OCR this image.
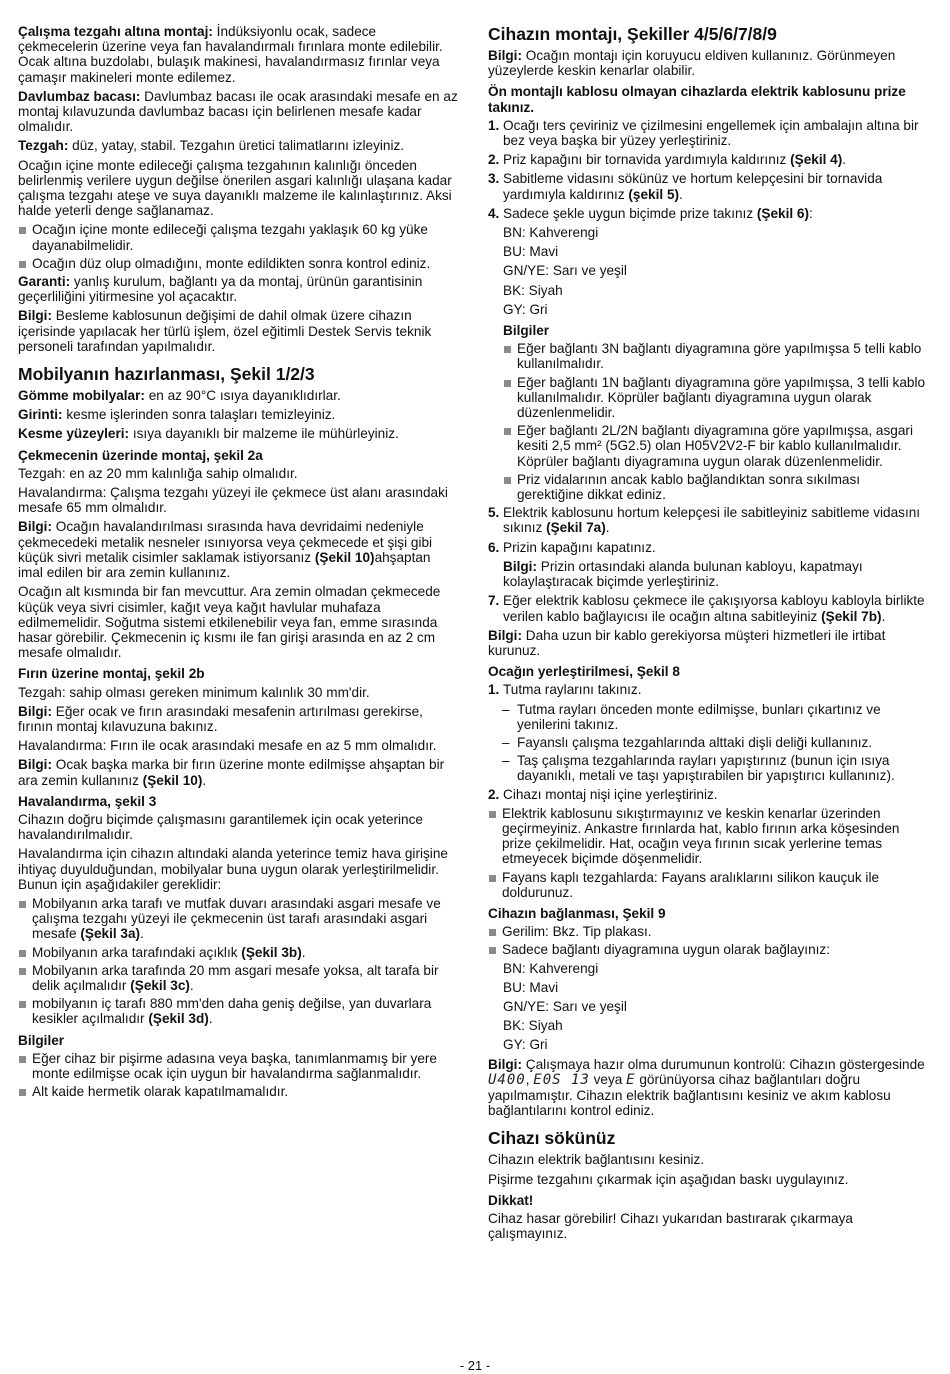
Çalışma tezgahı altına montaj: İndüksiyonlu ocak, sadece çekmecelerin üzerine veya fan havalandırmalı fırınlara monte edilebilir. Ocak altına buzdolabı, bulaşık makinesi, havalandırmasız fırınlar veya çamaşır makineleri monte edilemez.

Davlumbaz bacası: Davlumbaz bacası ile ocak arasındaki mesafe en az montaj kılavuzunda davlumbaz bacası için belirlenen mesafe kadar olmalıdır.

Tezgah: düz, yatay, stabil. Tezgahın üretici talimatlarını izleyiniz.

Ocağın içine monte edileceği çalışma tezgahının kalınlığı önceden belirlenmiş verilere uygun değilse önerilen asgari kalınlığı ulaşana kadar çalışma tezgahı ateşe ve suya dayanıklı malzeme ile kalınlaştırınız. Aksi halde yeterli denge sağlanamaz.

Ocağın içine monte edileceği çalışma tezgahı yaklaşık 60 kg yüke dayanabilmelidir.
Ocağın düz olup olmadığını, monte edildikten sonra kontrol ediniz.

Garanti: yanlış kurulum, bağlantı ya da montaj, ürünün garantisinin geçerliliğini yitirmesine yol açacaktır.

Bilgi: Besleme kablosunun değişimi de dahil olmak üzere cihazın içerisinde yapılacak her türlü işlem, özel eğitimli Destek Servis teknik personeli tarafından yapılmalıdır.

Mobilyanın hazırlanması, Şekil 1/2/3

Gömme mobilyalar: en az 90°C ısıya dayanıklıdırlar.

Girinti: kesme işlerinden sonra talaşları temizleyiniz.

Kesme yüzeyleri: ısıya dayanıklı bir malzeme ile mühürleyiniz.

Çekmecenin üzerinde montaj, şekil 2a

Tezgah: en az 20 mm kalınlığa sahip olmalıdır.

Havalandırma: Çalışma tezgahı yüzeyi ile çekmece üst alanı arasındaki mesafe 65 mm olmalıdır.

Bilgi: Ocağın havalandırılması sırasında hava devridaimi nedeniyle çekmecedeki metalik nesneler ısınıyorsa veya çekmecede et şişi gibi küçük sivri metalik cisimler saklamak istiyorsanız (Şekil 10)ahşaptan imal edilen bir ara zemin kullanınız.

Ocağın alt kısmında bir fan mevcuttur. Ara zemin olmadan çekmecede küçük veya sivri cisimler, kağıt veya kağıt havlular muhafaza edilmemelidir. Soğutma sistemi etkilenebilir veya fan, emme sırasında hasar görebilir. Çekmecenin iç kısmı ile fan girişi arasında en az 2 cm mesafe olmalıdır.

Fırın üzerine montaj, şekil 2b

Tezgah: sahip olması gereken minimum kalınlık 30 mm'dir.

Bilgi: Eğer ocak ve fırın arasındaki mesafenin artırılması gerekirse, fırının montaj kılavuzuna bakınız.

Havalandırma: Fırın ile ocak arasındaki mesafe en az 5 mm olmalıdır.

Bilgi: Ocak başka marka bir fırın üzerine monte edilmişse ahşaptan bir ara zemin kullanınız (Şekil 10).

Havalandırma, şekil 3

Cihazın doğru biçimde çalışmasını garantilemek için ocak yeterince havalandırılmalıdır.

Havalandırma için cihazın altındaki alanda yeterince temiz hava girişine ihtiyaç duyulduğundan, mobilyalar buna uygun olarak yerleştirilmelidir. Bunun için aşağıdakiler gereklidir:

Mobilyanın arka tarafı ve mutfak duvarı arasındaki asgari mesafe ve çalışma tezgahı yüzeyi ile çekmecenin üst tarafı arasındaki asgari mesafe (Şekil 3a).
Mobilyanın arka tarafındaki açıklık (Şekil 3b).
Mobilyanın arka tarafında 20 mm asgari mesafe yoksa, alt tarafa bir delik açılmalıdır (Şekil 3c).
mobilyanın iç tarafı 880 mm'den daha geniş değilse, yan duvarlara kesikler açılmalıdır (Şekil 3d).
Bilgiler
Eğer cihaz bir pişirme adasına veya başka, tanımlanmamış bir yere monte edilmişse ocak için uygun bir havalandırma sağlanmalıdır.
Alt kaide hermetik olarak kapatılmamalıdır.
Cihazın montajı, Şekiller 4/5/6/7/8/9

Bilgi: Ocağın montajı için koruyucu eldiven kullanınız. Görünmeyen yüzeylerde keskin kenarlar olabilir.

Ön montajlı kablosu olmayan cihazlarda elektrik kablosunu prize takınız.
1. Ocağı ters çeviriniz ve çizilmesini engellemek için ambalajın altına bir bez veya başka bir yüzey yerleştiriniz.
2. Priz kapağını bir tornavida yardımıyla kaldırınız (Şekil 4).
3. Sabitleme vidasını sökünüz ve hortum kelepçesini bir tornavida yardımıyla kaldırınız (şekil 5).
4. Sadece şekle uygun biçimde prize takınız (Şekil 6):

BN: Kahverengi

BU: Mavi

GN/YE: Sarı ve yeşil

BK: Siyah

GY: Gri

Bilgiler
Eğer bağlantı 3N bağlantı diyagramına göre yapılmışsa 5 telli kablo kullanılmalıdır.
Eğer bağlantı 1N bağlantı diyagramına göre yapılmışsa, 3 telli kablo kullanılmalıdır. Köprüler bağlantı diyagramına uygun olarak düzenlenmelidir.
Eğer bağlantı 2L/2N bağlantı diyagramına göre yapılmışsa, asgari kesiti 2,5 mm² (5G2.5) olan H05V2V2-F bir kablo kullanılmalıdır. Köprüler bağlantı diyagramına uygun olarak düzenlenmelidir.
Priz vidalarının ancak kablo bağlandıktan sonra sıkılması gerektiğine dikkat ediniz.
5. Elektrik kablosunu hortum kelepçesi ile sabitleyiniz sabitleme vidasını sıkınız (Şekil 7a).
6. Prizin kapağını kapatınız.

Bilgi: Prizin ortasındaki alanda bulunan kabloyu, kapatmayı kolaylaştıracak biçimde yerleştiriniz.

7. Eğer elektrik kablosu çekmece ile çakışıyorsa kabloyu kabloyla birlikte verilen kablo bağlayıcısı ile ocağın altına sabitleyiniz (Şekil 7b).

Bilgi: Daha uzun bir kablo gerekiyorsa müşteri hizmetleri ile irtibat kurunuz.

Ocağın yerleştirilmesi, Şekil 8
1. Tutma raylarını takınız.
– Tutma rayları önceden monte edilmişse, bunları çıkartınız ve yenilerini takınız.
– Fayanslı çalışma tezgahlarında alttaki dişli deliği kullanınız.
– Taş çalışma tezgahlarında rayları yapıştırınız (bunun için ısıya dayanıklı, metali ve taşı yapıştırabilen bir yapıştırıcı kullanınız).
2. Cihazı montaj nişi içine yerleştiriniz.
Elektrik kablosunu sıkıştırmayınız ve keskin kenarlar üzerinden geçirmeyiniz. Ankastre fırınlarda hat, kablo fırının arka köşesinden prize çekilmelidir. Hat, ocağın veya fırının sıcak yerlerine temas etmeyecek biçimde döşenmelidir.
Fayans kaplı tezgahlarda: Fayans aralıklarını silikon kauçuk ile doldurunuz.
Cihazın bağlanması, Şekil 9
Gerilim: Bkz. Tip plakası.
Sadece bağlantı diyagramına uygun olarak bağlayınız:

BN: Kahverengi

BU: Mavi

GN/YE: Sarı ve yeşil

BK: Siyah

GY: Gri

Bilgi: Çalışmaya hazır olma durumunun kontrolü: Cihazın göstergesinde U400, E0S 13 veya E görünüyorsa cihaz bağlantıları doğru yapılmamıştır. Cihazın elektrik bağlantısını kesiniz ve akım kablosu bağlantılarını kontrol ediniz.

Cihazı sökünüz

Cihazın elektrik bağlantısını kesiniz.

Pişirme tezgahını çıkarmak için aşağıdan baskı uygulayınız.

Dikkat!

Cihaz hasar görebilir! Cihazı yukarıdan bastırarak çıkarmaya çalışmayınız.

- 21 -
